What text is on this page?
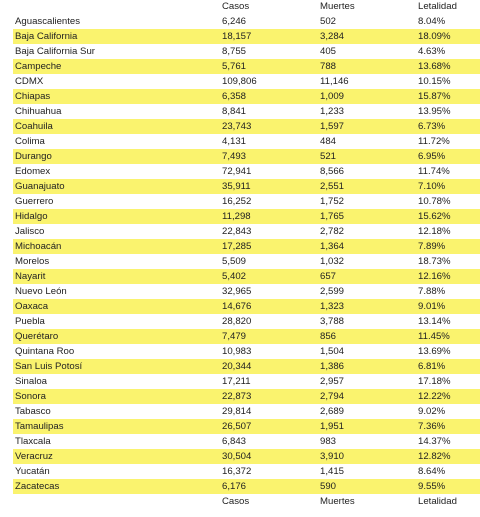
	Casos	Muertes	Letalidad
Aguascalientes	6,246	502	8.04%
Baja California	18,157	3,284	18.09%
Baja California Sur	8,755	405	4.63%
Campeche	5,761	788	13.68%
CDMX	109,806	11,146	10.15%
Chiapas	6,358	1,009	15.87%
Chihuahua	8,841	1,233	13.95%
Coahuila	23,743	1,597	6.73%
Colima	4,131	484	11.72%
Durango	7,493	521	6.95%
Edomex	72,941	8,566	11.74%
Guanajuato	35,911	2,551	7.10%
Guerrero	16,252	1,752	10.78%
Hidalgo	11,298	1,765	15.62%
Jalisco	22,843	2,782	12.18%
Michoacán	17,285	1,364	7.89%
Morelos	5,509	1,032	18.73%
Nayarit	5,402	657	12.16%
Nuevo León	32,965	2,599	7.88%
Oaxaca	14,676	1,323	9.01%
Puebla	28,820	3,788	13.14%
Querétaro	7,479	856	11.45%
Quintana Roo	10,983	1,504	13.69%
San Luis Potosí	20,344	1,386	6.81%
Sinaloa	17,211	2,957	17.18%
Sonora	22,873	2,794	12.22%
Tabasco	29,814	2,689	9.02%
Tamaulipas	26,507	1,951	7.36%
Tlaxcala	6,843	983	14.37%
Veracruz	30,504	3,910	12.82%
Yucatán	16,372	1,415	8.64%
Zacatecas	6,176	590	9.55%
	Casos	Muertes	Letalidad
